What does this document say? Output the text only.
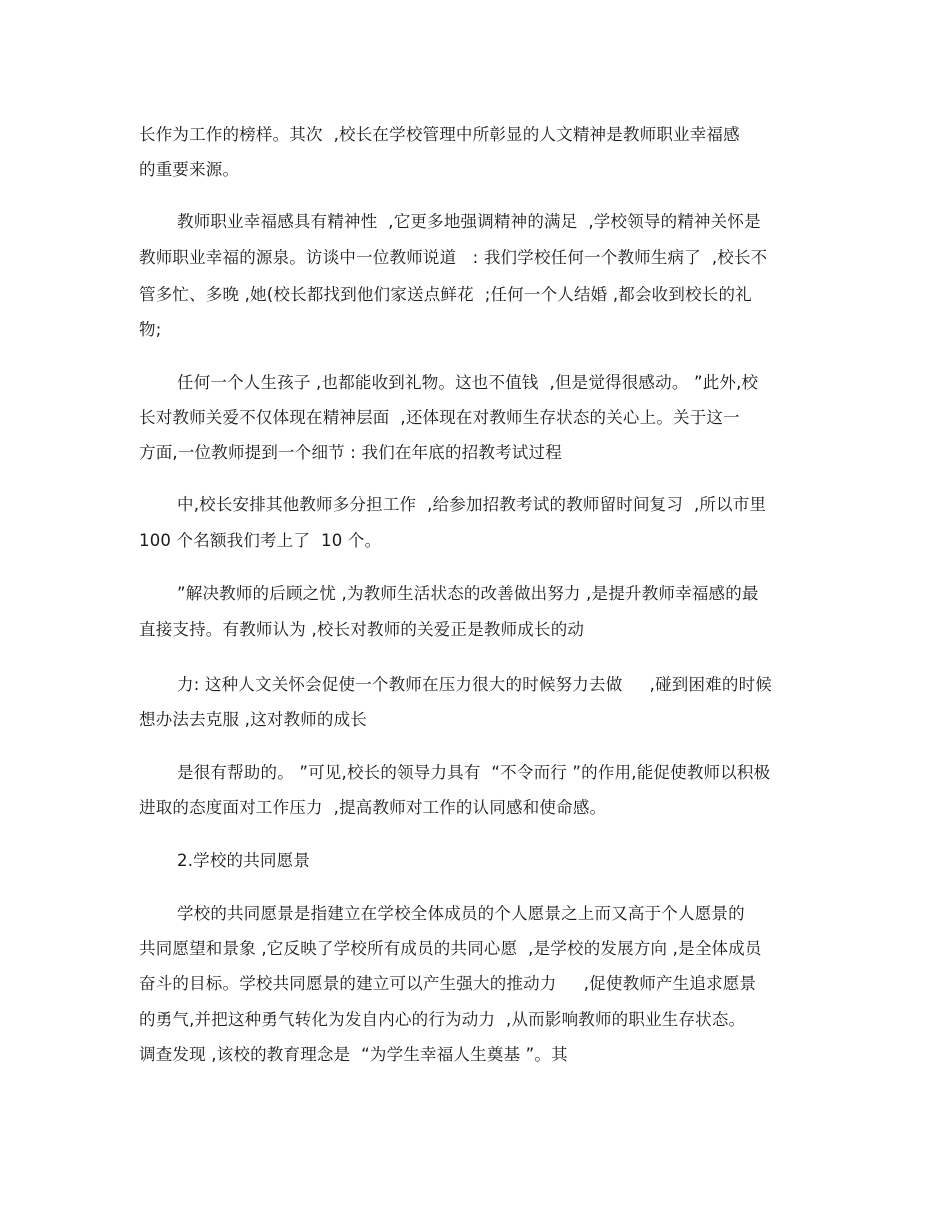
长作为工作的榜样。其次  ,校长在学校管理中所彰显的人文精神是教师职业幸福感
的重要来源。
教师职业幸福感具有精神性  ,它更多地强调精神的满足  ,学校领导的精神关怀是
教师职业幸福的源泉。访谈中一位教师说道   : 我们学校任何一个教师生病了  ,校长不
管多忙、多晚 ,她(校长都找到他们家送点鲜花  ;任何一个人结婚 ,都会收到校长的礼
物;
任何一个人生孩子 ,也都能收到礼物。这也不值钱  ,但是觉得很感动。 ”此外,校
长对教师关爱不仅体现在精神层面  ,还体现在对教师生存状态的关心上。关于这一
方面,一位教师提到一个细节 : 我们在年底的招教考试过程
中,校长安排其他教师多分担工作  ,给参加招教考试的教师留时间复习  ,所以市里
100 个名额我们考上了  10 个。
”解决教师的后顾之忧 ,为教师生活状态的改善做出努力 ,是提升教师幸福感的最
直接支持。有教师认为 ,校长对教师的关爱正是教师成长的动
力: 这种人文关怀会促使一个教师在压力很大的时候努力去做     ,碰到困难的时候
想办法去克服 ,这对教师的成长
是很有帮助的。 ”可见,校长的领导力具有  “不令而行 ”的作用,能促使教师以积极
进取的态度面对工作压力  ,提高教师对工作的认同感和使命感。
2.学校的共同愿景
学校的共同愿景是指建立在学校全体成员的个人愿景之上而又高于个人愿景的
共同愿望和景象 ,它反映了学校所有成员的共同心愿  ,是学校的发展方向 ,是全体成员
奋斗的目标。学校共同愿景的建立可以产生强大的推动力     ,促使教师产生追求愿景
的勇气,并把这种勇气转化为发自内心的行为动力  ,从而影响教师的职业生存状态。
调查发现 ,该校的教育理念是  “为学生幸福人生奠基 ”。其
